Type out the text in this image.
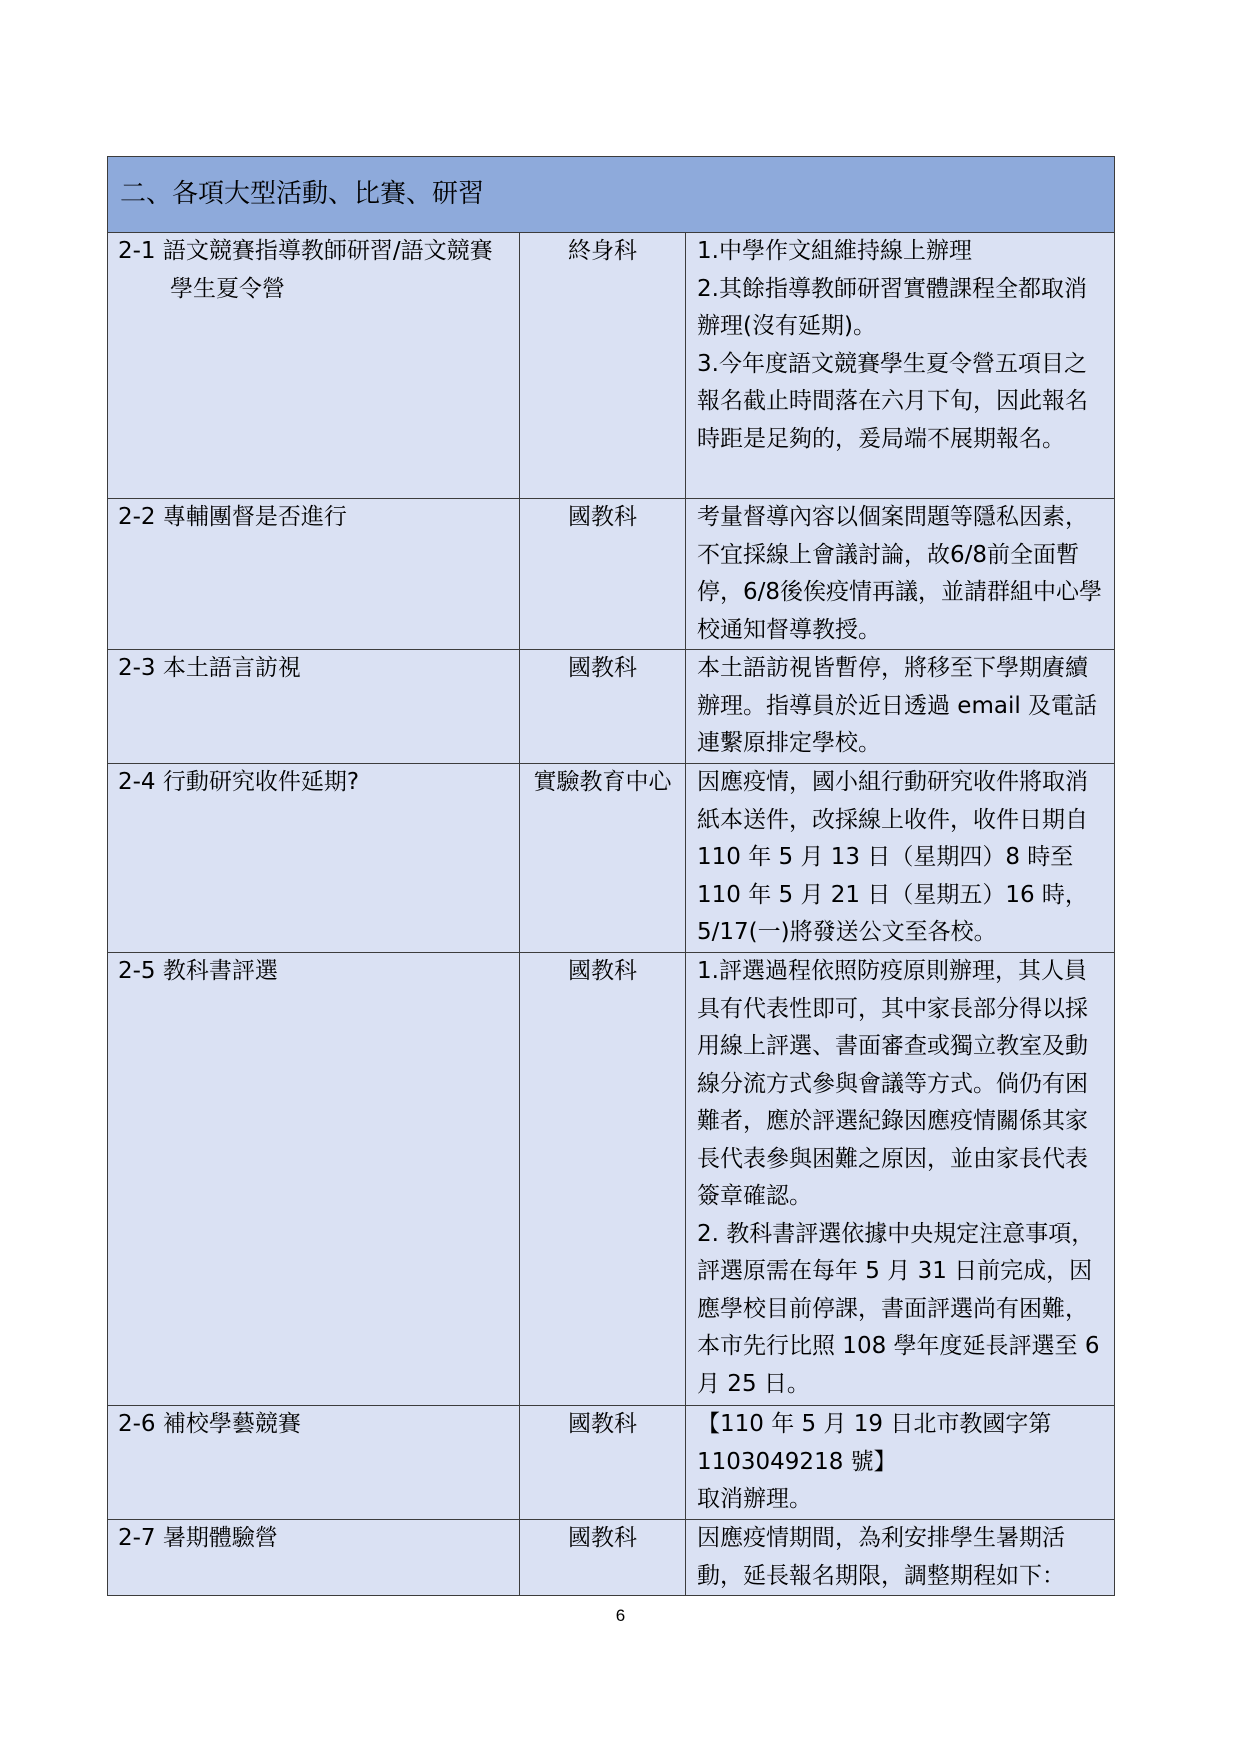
二、各項大型活動、比賽、研習		

2-1 語文競賽指導教師研習/語文競賽學生夏令營	終身科	1.中學作文組維持線上辦理
2.其餘指導教師研習實體課程全都取消辦理(沒有延期)。
3.今年度語文競賽學生夏令營五項目之報名截止時間落在六月下旬，因此報名時距是足夠的，爰局端不展期報名。

2-2 專輔團督是否進行	國教科	考量督導內容以個案問題等隱私因素，不宜採線上會議討論，故6/8前全面暫停，6/8後俟疫情再議，並請群組中心學校通知督導教授。

2-3 本土語言訪視	國教科	本土語訪視皆暫停，將移至下學期賡續辦理。指導員於近日透過 email 及電話連繫原排定學校。

2-4 行動研究收件延期?	實驗教育中心	因應疫情，國小組行動研究收件將取消紙本送件，改採線上收件，收件日期自 110 年 5 月 13 日（星期四）8 時至 110 年 5 月 21 日（星期五）16 時，5/17(一)將發送公文至各校。

2-5 教科書評選	國教科	1.評選過程依照防疫原則辦理，其人員具有代表性即可，其中家長部分得以採用線上評選、書面審查或獨立教室及動線分流方式參與會議等方式。倘仍有困難者，應於評選紀錄因應疫情關係其家長代表參與困難之原因，並由家長代表簽章確認。
2. 教科書評選依據中央規定注意事項，評選原需在每年 5 月 31 日前完成，因應學校目前停課，書面評選尚有困難，本市先行比照 108 學年度延長評選至 6 月 25 日。

2-6 補校學藝競賽	國教科	【110 年 5 月 19 日北市教國字第 1103049218 號】
取消辦理。

2-7 暑期體驗營	國教科	因應疫情期間，為利安排學生暑期活動，延長報名期限，調整期程如下：
6
